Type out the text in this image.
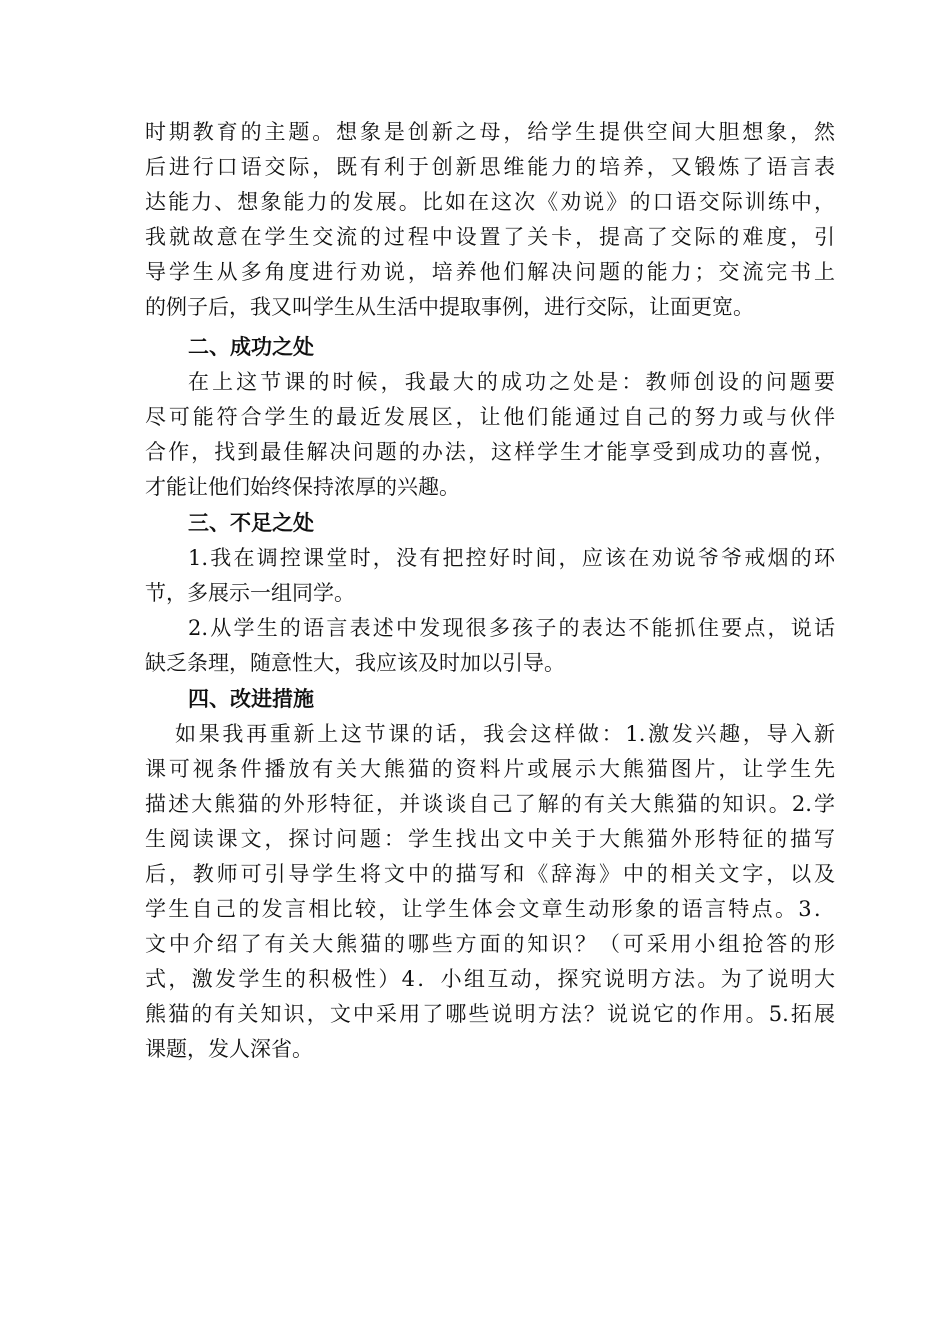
时期教育的主题。想象是创新之母，给学生提供空间大胆想象，然
后进行口语交际，既有利于创新思维能力的培养，又锻炼了语言表
达能力、想象能力的发展。比如在这次《劝说》的口语交际训练中，
我就故意在学生交流的过程中设置了关卡，提高了交际的难度，引
导学生从多角度进行劝说，培养他们解决问题的能力；交流完书上
的例子后，我又叫学生从生活中提取事例，进行交际，让面更宽。
二、成功之处
在上这节课的时候，我最大的成功之处是：教师创设的问题要
尽可能符合学生的最近发展区，让他们能通过自己的努力或与伙伴
合作，找到最佳解决问题的办法，这样学生才能享受到成功的喜悦，
才能让他们始终保持浓厚的兴趣。
三、不足之处
1.我在调控课堂时，没有把控好时间，应该在劝说爷爷戒烟的环
节，多展示一组同学。
2.从学生的语言表述中发现很多孩子的表达不能抓住要点，说话
缺乏条理，随意性大，我应该及时加以引导。
四、改进措施
如果我再重新上这节课的话，我会这样做：1.激发兴趣，导入新
课可视条件播放有关大熊猫的资料片或展示大熊猫图片，让学生先
描述大熊猫的外形特征，并谈谈自己了解的有关大熊猫的知识。2.学
生阅读课文，探讨问题：学生找出文中关于大熊猫外形特征的描写
后，教师可引导学生将文中的描写和《辞海》中的相关文字，以及
学生自己的发言相比较，让学生体会文章生动形象的语言特点。3．
文中介绍了有关大熊猫的哪些方面的知识？（可采用小组抢答的形
式，激发学生的积极性）4．小组互动，探究说明方法。为了说明大
熊猫的有关知识，文中采用了哪些说明方法？说说它的作用。5.拓展
课题，发人深省。
